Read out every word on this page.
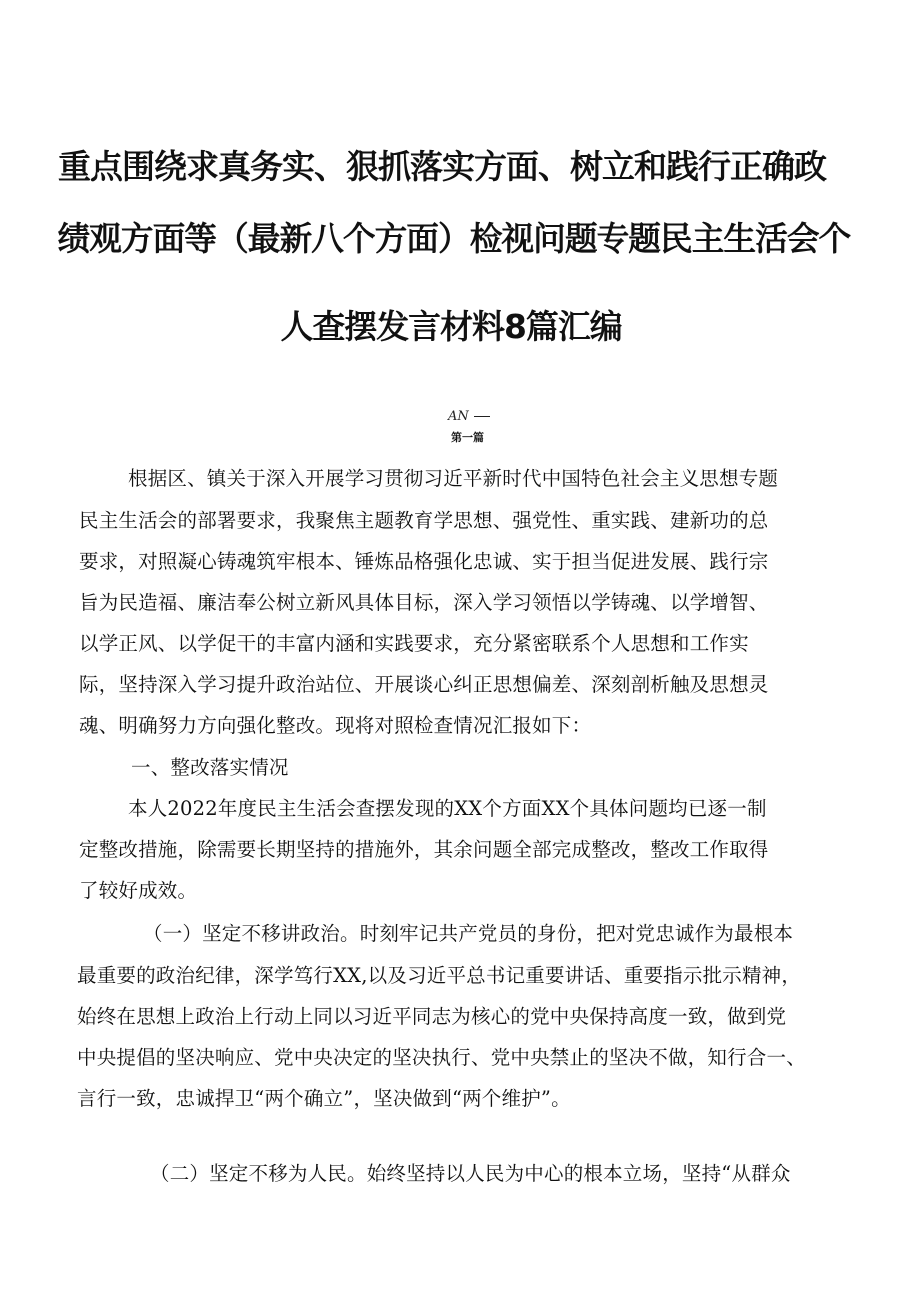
重点围绕求真务实、狠抓落实方面、树立和践行正确政
绩观方面等（最新八个方面）检视问题专题民主生活会个
人查摆发言材料8篇汇编
AN
第一篇
根据区、镇关于深入开展学习贯彻习近平新时代中国特色社会主义思想专题
民主生活会的部署要求，我聚焦主题教育学思想、强党性、重实践、建新功的总
要求，对照凝心铸魂筑牢根本、锤炼品格强化忠诚、实于担当促进发展、践行宗
旨为民造福、廉洁奉公树立新风具体目标，深入学习领悟以学铸魂、以学增智、
以学正风、以学促干的丰富内涵和实践要求，充分紧密联系个人思想和工作实
际，坚持深入学习提升政治站位、开展谈心纠正思想偏差、深刻剖析触及思想灵
魂、明确努力方向强化整改。现将对照检查情况汇报如下：
一、整改落实情况
本人2022年度民主生活会查摆发现的XX个方面XX个具体问题均已逐一制
定整改措施，除需要长期坚持的措施外，其余问题全部完成整改，整改工作取得
了较好成效。
（一）坚定不移讲政治。时刻牢记共产党员的身份，把对党忠诚作为最根本
最重要的政治纪律，深学笃行XX,以及习近平总书记重要讲话、重要指示批示精神，
始终在思想上政治上行动上同以习近平同志为核心的党中央保持高度一致，做到党
中央提倡的坚决响应、党中央决定的坚决执行、党中央禁止的坚决不做，知行合一、
言行一致，忠诚捍卫“两个确立”，坚决做到“两个维护”。
（二）坚定不移为人民。始终坚持以人民为中心的根本立场，坚持“从群众
